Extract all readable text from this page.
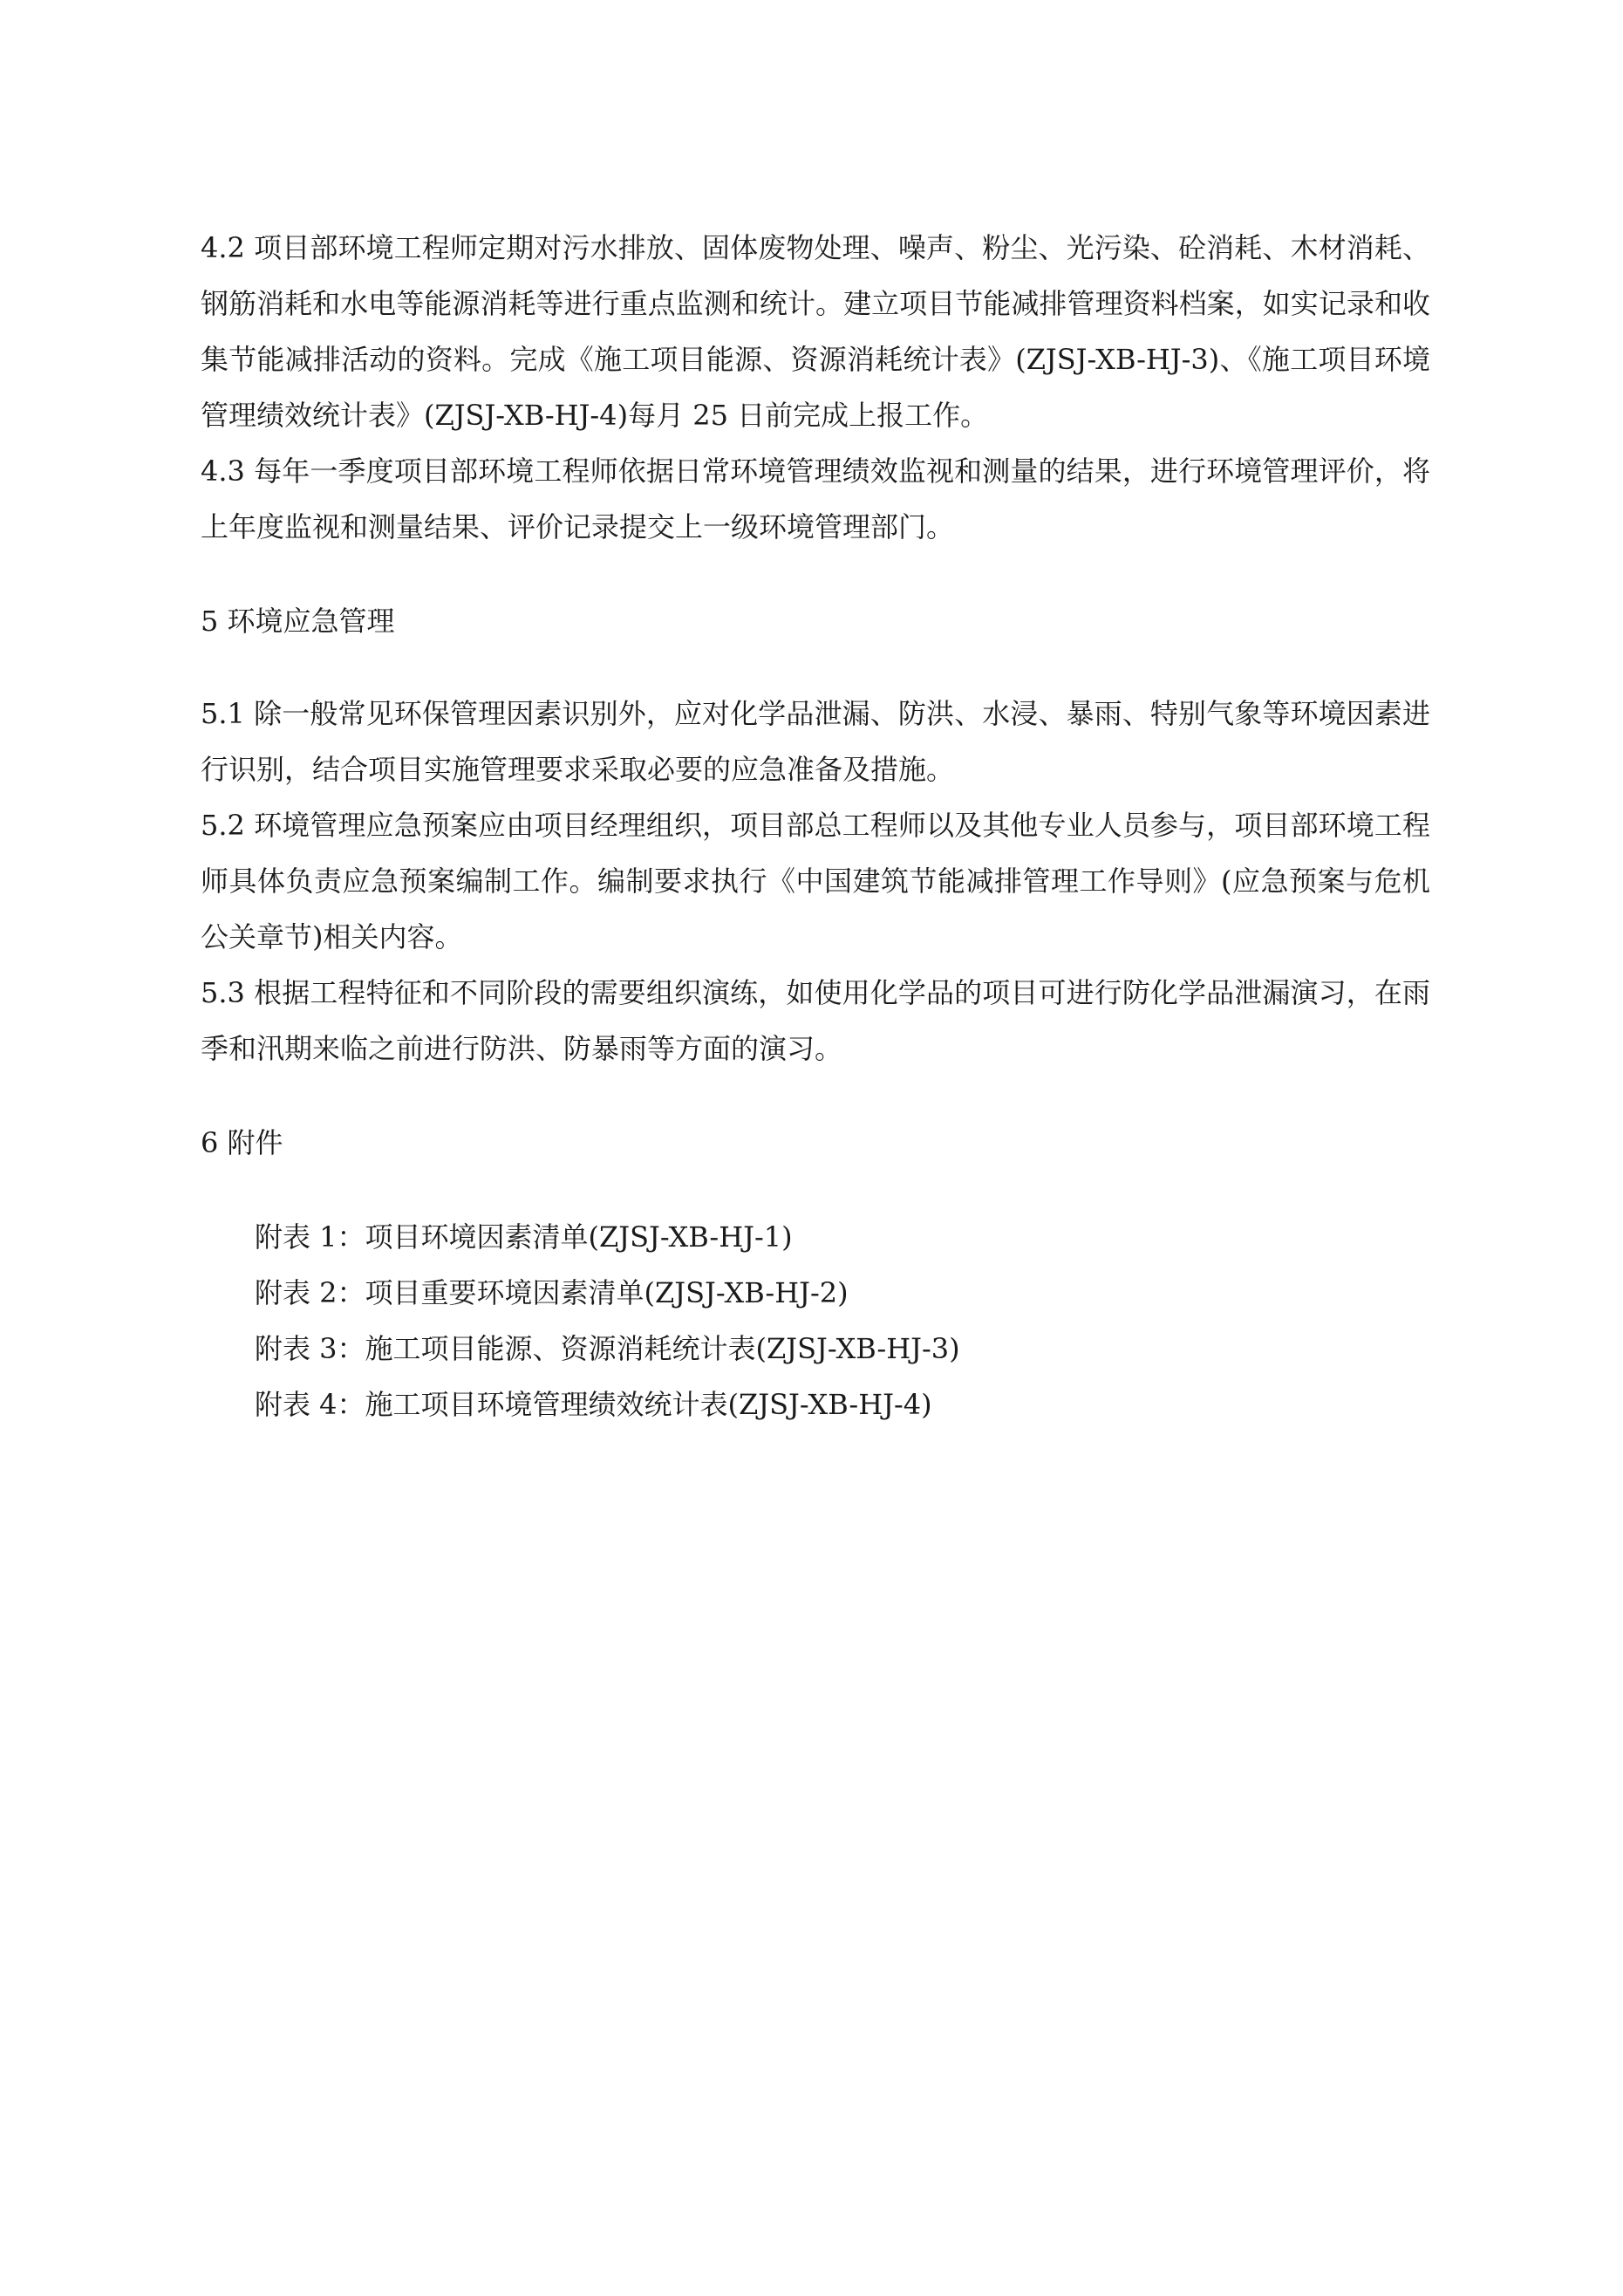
4.2 项目部环境工程师定期对污水排放、固体废物处理、噪声、粉尘、光污染、砼消耗、木材消耗、钢筋消耗和水电等能源消耗等进行重点监测和统计。建立项目节能减排管理资料档案，如实记录和收集节能减排活动的资料。完成《施工项目能源、资源消耗统计表》(ZJSJ-XB-HJ-3)、《施工项目环境管理绩效统计表》(ZJSJ-XB-HJ-4)每月 25 日前完成上报工作。

4.3 每年一季度项目部环境工程师依据日常环境管理绩效监视和测量的结果，进行环境管理评价，将上年度监视和测量结果、评价记录提交上一级环境管理部门。

5 环境应急管理

5.1 除一般常见环保管理因素识别外，应对化学品泄漏、防洪、水浸、暴雨、特别气象等环境因素进行识别，结合项目实施管理要求采取必要的应急准备及措施。

5.2 环境管理应急预案应由项目经理组织，项目部总工程师以及其他专业人员参与，项目部环境工程师具体负责应急预案编制工作。编制要求执行《中国建筑节能减排管理工作导则》(应急预案与危机公关章节)相关内容。

5.3 根据工程特征和不同阶段的需要组织演练，如使用化学品的项目可进行防化学品泄漏演习，在雨季和汛期来临之前进行防洪、防暴雨等方面的演习。

6 附件

附表 1：项目环境因素清单(ZJSJ-XB-HJ-1)

附表 2：项目重要环境因素清单(ZJSJ-XB-HJ-2)

附表 3：施工项目能源、资源消耗统计表(ZJSJ-XB-HJ-3)

附表 4：施工项目环境管理绩效统计表(ZJSJ-XB-HJ-4)
